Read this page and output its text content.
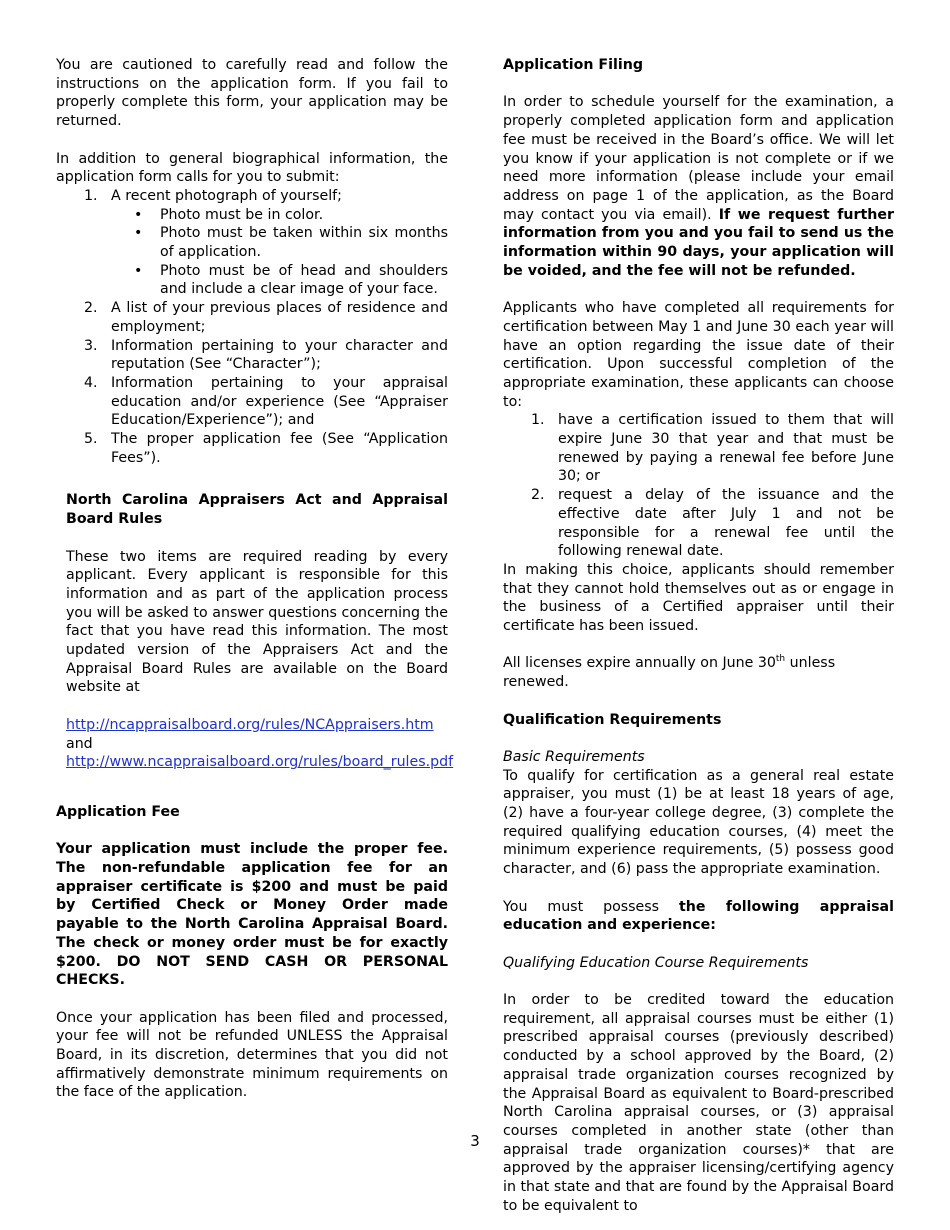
You are cautioned to carefully read and follow the instructions on the application form. If you fail to properly complete this form, your application may be returned.

In addition to general biographical information, the application form calls for you to submit:

1. A recent photograph of yourself;
• Photo must be in color.
• Photo must be taken within six months of application.
• Photo must be of head and shoulders and include a clear image of your face.
2. A list of your previous places of residence and employment;
3. Information pertaining to your character and reputation (See “Character”);
4. Information pertaining to your appraisal education and/or experience (See “Appraiser Education/Experience”); and
5. The proper application fee (See “Application Fees”).

North Carolina Appraisers Act and Appraisal Board Rules

These two items are required reading by every applicant. Every applicant is responsible for this information and as part of the application process you will be asked to answer questions concerning the fact that you have read this information. The most updated version of the Appraisers Act and the Appraisal Board Rules are available on the Board website at

http://ncappraisalboard.org/rules/NCAppraisers.htm

and

http://www.ncappraisalboard.org/rules/board_rules.pdf

Application Fee

Your application must include the proper fee. The non-refundable application fee for an appraiser certificate is $200 and must be paid by Certified Check or Money Order made payable to the North Carolina Appraisal Board. The check or money order must be for exactly $200. DO NOT SEND CASH OR PERSONAL CHECKS.

Once your application has been filed and processed, your fee will not be refunded UNLESS the Appraisal Board, in its discretion, determines that you did not affirmatively demonstrate minimum requirements on the face of the application.

Application Filing

In order to schedule yourself for the examination, a properly completed application form and application fee must be received in the Board’s office. We will let you know if your application is not complete or if we need more information (please include your email address on page 1 of the application, as the Board may contact you via email). If we request further information from you and you fail to send us the information within 90 days, your application will be voided, and the fee will not be refunded.

Applicants who have completed all requirements for certification between May 1 and June 30 each year will have an option regarding the issue date of their certification. Upon successful completion of the appropriate examination, these applicants can choose to:

1. have a certification issued to them that will expire June 30 that year and that must be renewed by paying a renewal fee before June 30; or
2. request a delay of the issuance and the effective date after July 1 and not be responsible for a renewal fee until the following renewal date.

In making this choice, applicants should remember that they cannot hold themselves out as or engage in the business of a Certified appraiser until their certificate has been issued.

All licenses expire annually on June 30th unless renewed.

Qualification Requirements

Basic Requirements

To qualify for certification as a general real estate appraiser, you must (1) be at least 18 years of age, (2) have a four-year college degree, (3) complete the required qualifying education courses, (4) meet the minimum experience requirements, (5) possess good character, and (6) pass the appropriate examination.

You must possess the following appraisal education and experience:

Qualifying Education Course Requirements

In order to be credited toward the education requirement, all appraisal courses must be either (1) prescribed appraisal courses (previously described) conducted by a school approved by the Board, (2) appraisal trade organization courses recognized by the Appraisal Board as equivalent to Board-prescribed North Carolina appraisal courses, or (3) appraisal courses completed in another state (other than appraisal trade organization courses)* that are approved by the appraiser licensing/certifying agency in that state and that are found by the Appraisal Board to be equivalent to

3
